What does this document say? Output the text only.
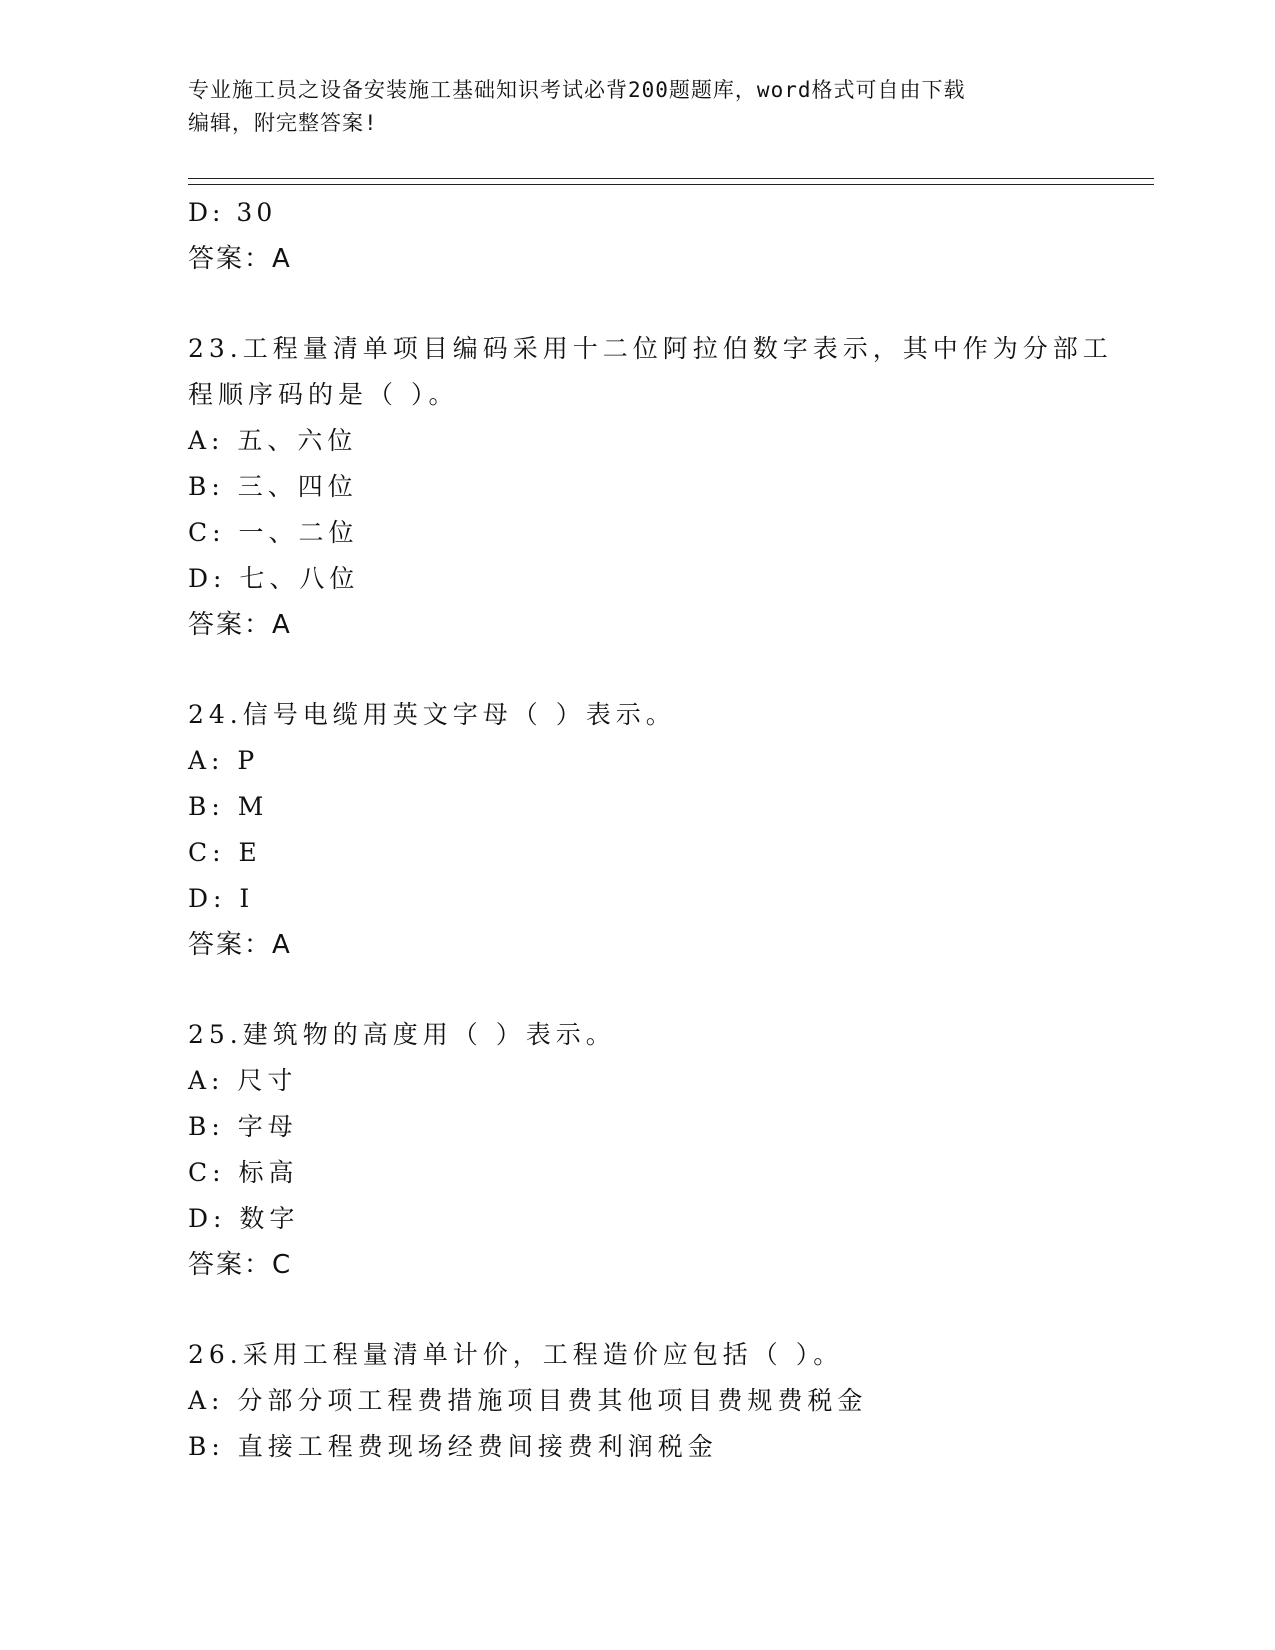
专业施工员之设备安装施工基础知识考试必背200题题库，word格式可自由下载
编辑，附完整答案!
D: 30
答案：A
23.工程量清单项目编码采用十二位阿拉伯数字表示，其中作为分部工
程顺序码的是（ ）。
A: 五、六位
B: 三、四位
C: 一、二位
D: 七、八位
答案：A
24.信号电缆用英文字母（ ）表示。
A: P
B: M
C: E
D: I
答案：A
25.建筑物的高度用（ ）表示。
A: 尺寸
B: 字母
C: 标高
D: 数字
答案：C
26.采用工程量清单计价，工程造价应包括（ ）。
A: 分部分项工程费措施项目费其他项目费规费税金
B: 直接工程费现场经费间接费利润税金
